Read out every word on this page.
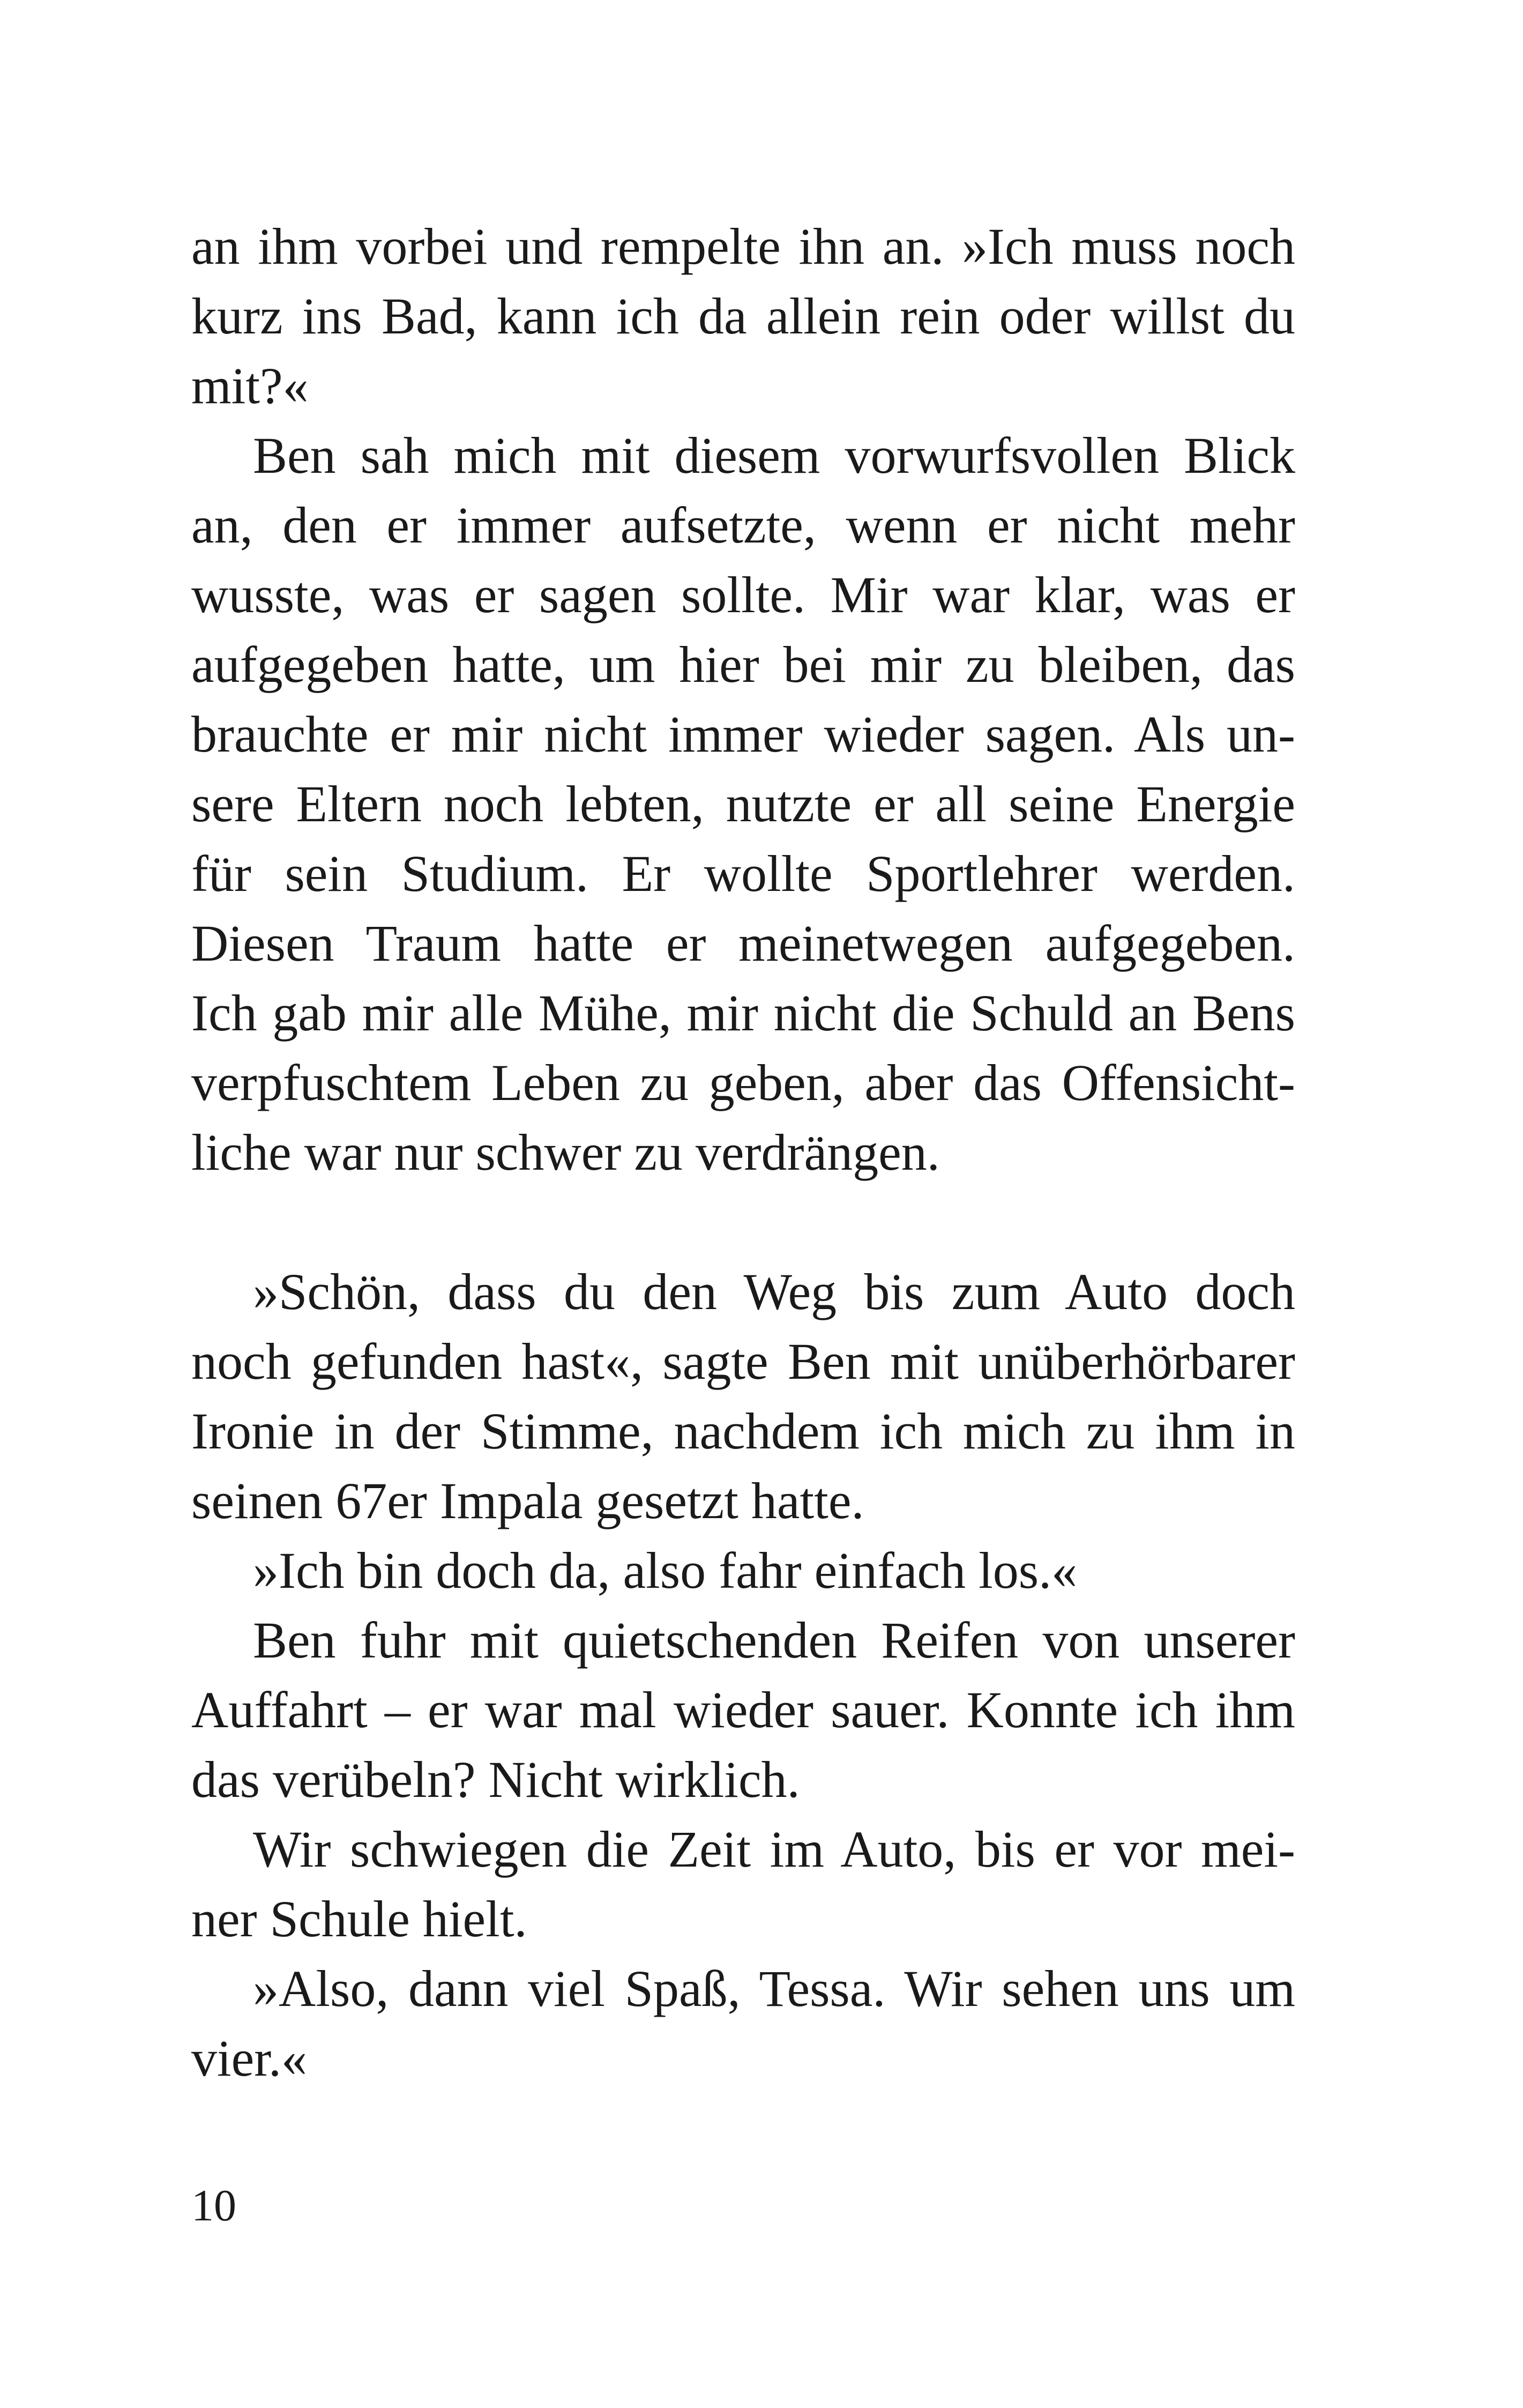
an ihm vorbei und rempelte ihn an. »Ich muss noch
kurz ins Bad, kann ich da allein rein oder willst du
mit?«
Ben sah mich mit diesem vorwurfsvollen Blick
an, den er immer aufsetzte, wenn er nicht mehr
wusste, was er sagen sollte. Mir war klar, was er
aufgegeben hatte, um hier bei mir zu bleiben, das
brauchte er mir nicht immer wieder sagen. Als un-
sere Eltern noch lebten, nutzte er all seine Energie
für sein Studium. Er wollte Sportlehrer werden.
Diesen Traum hatte er meinetwegen aufgegeben.
Ich gab mir alle Mühe, mir nicht die Schuld an Bens
verpfuschtem Leben zu geben, aber das Offensicht-
liche war nur schwer zu verdrängen.
»Schön, dass du den Weg bis zum Auto doch
noch gefunden hast«, sagte Ben mit unüberhörbarer
Ironie in der Stimme, nachdem ich mich zu ihm in
seinen 67er Impala gesetzt hatte.
»Ich bin doch da, also fahr einfach los.«
Ben fuhr mit quietschenden Reifen von unserer
Auffahrt – er war mal wieder sauer. Konnte ich ihm
das verübeln? Nicht wirklich.
Wir schwiegen die Zeit im Auto, bis er vor mei-
ner Schule hielt.
»Also, dann viel Spaß, Tessa. Wir sehen uns um
vier.«
10
